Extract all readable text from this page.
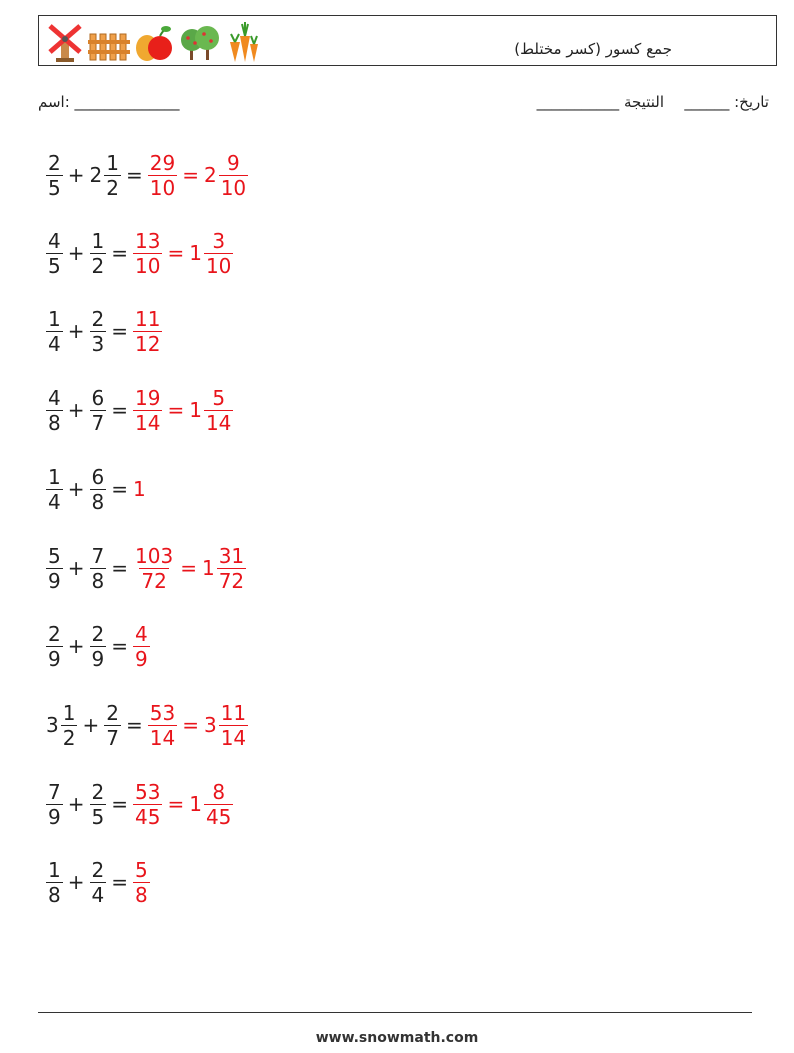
جمع كسور (كسر مختلط)
______ :تاريخ
___________ النتيجة
______________ :اسم
$\frac{2}{5} + 2 \frac{1}{2} = \frac{29}{10} = 2 \frac{9}{10}$
$\frac{4}{5} + \frac{1}{2} = \frac{13}{10} = 1 \frac{3}{10}$
$\frac{1}{4} + \frac{2}{3} = \frac{11}{12}$
$\frac{4}{8} + \frac{6}{7} = \frac{19}{14} = 1 \frac{5}{14}$
$\frac{1}{4} + \frac{6}{8} = 1$
$\frac{5}{9} + \frac{7}{8} = \frac{103}{72} = 1 \frac{31}{72}$
$\frac{2}{9} + \frac{2}{9} = \frac{4}{9}$
$3 \frac{1}{2} + \frac{2}{7} = \frac{53}{14} = 3 \frac{11}{14}$
$\frac{7}{9} + \frac{2}{5} = \frac{53}{45} = 1 \frac{8}{45}$
$\frac{1}{8} + \frac{2}{4} = \frac{5}{8}$
www.snowmath.com
